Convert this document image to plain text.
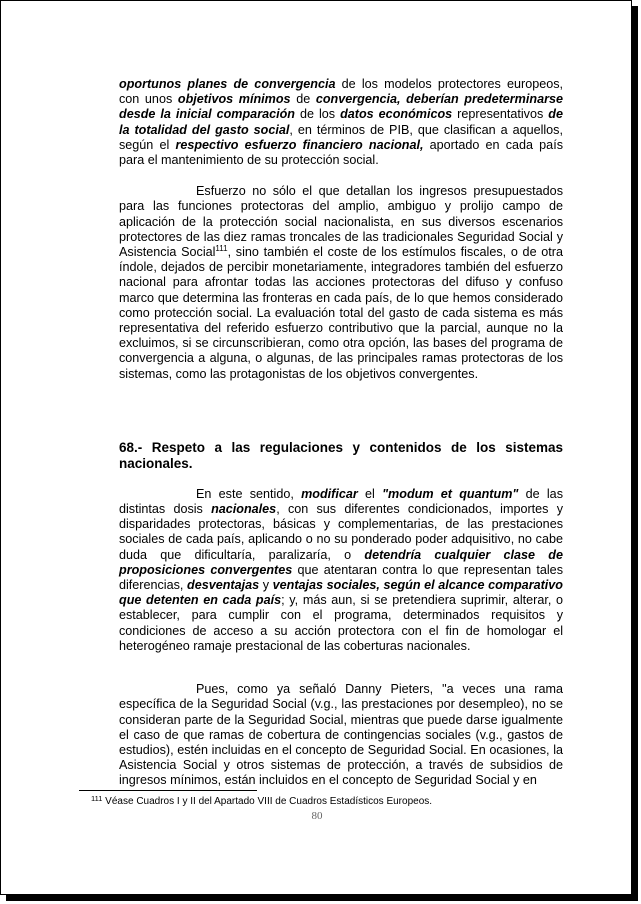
oportunos planes de convergencia de los modelos protectores europeos, con unos objetivos mínimos de convergencia, deberían predeterminarse desde la inicial comparación de los datos económicos representativos de la totalidad del gasto social, en términos de PIB, que clasifican a aquellos, según el respectivo esfuerzo financiero nacional, aportado en cada país para el mantenimiento de su protección social.

Esfuerzo no sólo el que detallan los ingresos presupuestados para las funciones protectoras del amplio, ambiguo y prolijo campo de aplicación de la protección social nacionalista, en sus diversos escenarios protectores de las diez ramas troncales de las tradicionales Seguridad Social y Asistencia Social$^{111}$, sino también el coste de los estímulos fiscales, o de otra índole, dejados de percibir monetariamente, integradores también del esfuerzo nacional para afrontar todas las acciones protectoras del difuso y confuso marco que determina las fronteras en cada país, de lo que hemos considerado como protección social. La evaluación total del gasto de cada sistema es más representativa del referido esfuerzo contributivo que la parcial, aunque no la excluimos, si se circunscribieran, como otra opción, las bases del programa de convergencia a alguna, o algunas, de las principales ramas protectoras de los sistemas, como las protagonistas de los objetivos convergentes.

68.- Respeto a las regulaciones y contenidos de los sistemas nacionales.

En este sentido, modificar el "modum et quantum" de las distintas dosis nacionales, con sus diferentes condicionados, importes y disparidades protectoras, básicas y complementarias, de las prestaciones sociales de cada país, aplicando o no su ponderado poder adquisitivo, no cabe duda que dificultaría, paralizaría, o detendría cualquier clase de proposiciones convergentes que atentaran contra lo que representan tales diferencias, desventajas y ventajas sociales, según el alcance comparativo que detenten en cada país; y, más aun, si se pretendiera suprimir, alterar, o establecer, para cumplir con el programa, determinados requisitos y condiciones de acceso a su acción protectora con el fin de homologar el heterogéneo ramaje prestacional de las coberturas nacionales.

Pues, como ya señaló Danny Pieters, "a veces una rama específica de la Seguridad Social (v.g., las prestaciones por desempleo), no se consideran parte de la Seguridad Social, mientras que puede darse igualmente el caso de que ramas de cobertura de contingencias sociales (v.g., gastos de estudios), estén incluidas en el concepto de Seguridad Social. En ocasiones, la Asistencia Social y otros sistemas de protección, a través de subsidios de ingresos mínimos, están incluidos en el concepto de Seguridad Social y en

$^{111}$ Véase Cuadros I y II del Apartado VIII de Cuadros Estadísticos Europeos.
80
